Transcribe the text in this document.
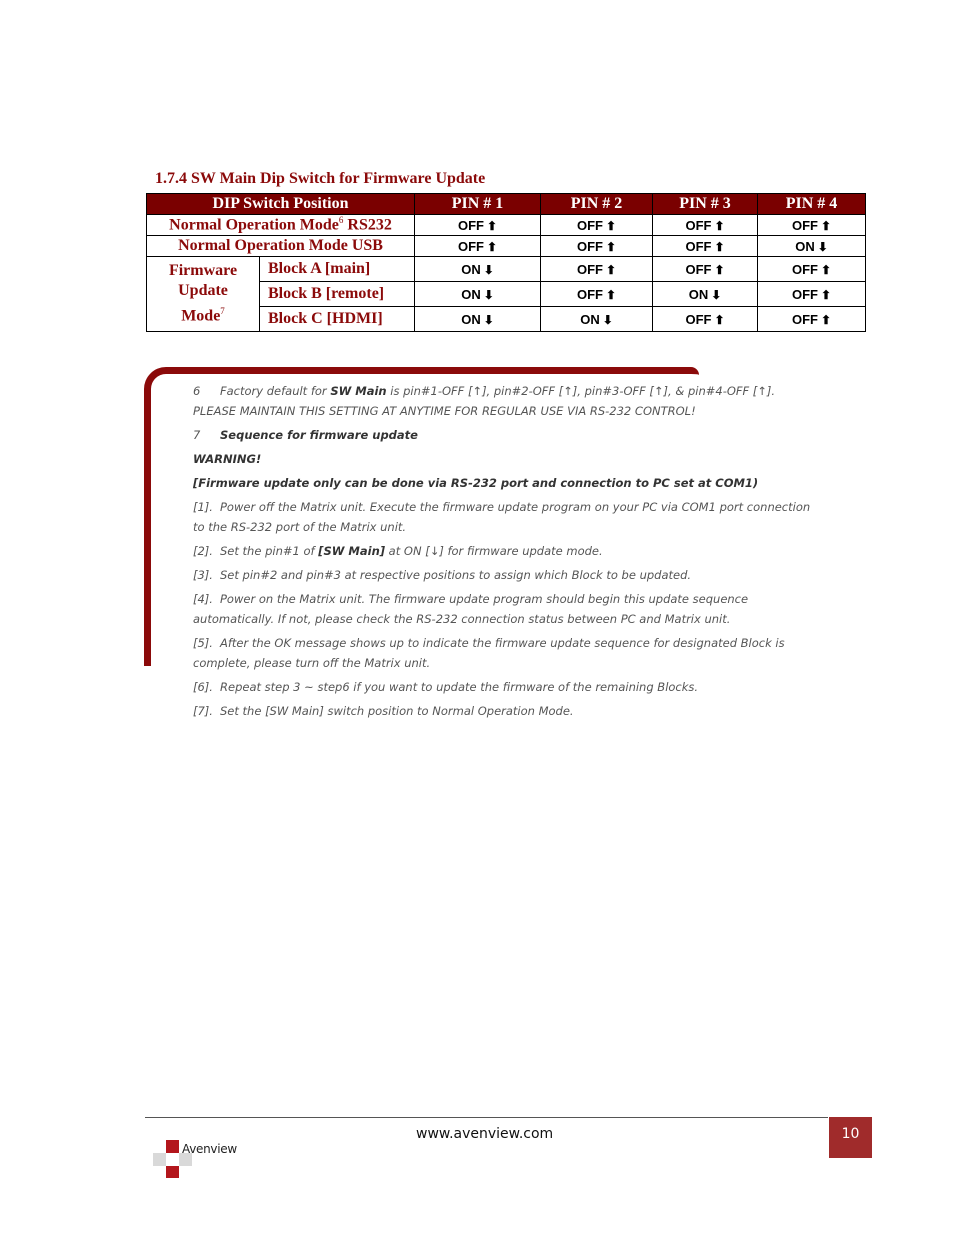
1.7.4 SW Main Dip Switch for Firmware Update
DIP Switch Position		PIN # 1	PIN # 2	PIN # 3	PIN # 4
Normal Operation Mode$^6$ RS232		OFF ⬆	OFF ⬆	OFF ⬆	OFF ⬆
Normal Operation Mode USB		OFF ⬆	OFF ⬆	OFF ⬆	ON ⬇
Firmware
Update
Mode$^7$	Block A [main]	ON ⬇	OFF ⬆	OFF ⬆	OFF ⬆
	Block B [remote]	ON ⬇	OFF ⬆	ON ⬇	OFF ⬆
	Block C [HDMI]	ON ⬇	ON ⬇	OFF ⬆	OFF ⬆

6 Factory default for SW Main is pin#1-OFF [↑], pin#2-OFF [↑], pin#3-OFF [↑], & pin#4-OFF [↑]. PLEASE MAINTAIN THIS SETTING AT ANYTIME FOR REGULAR USE VIA RS-232 CONTROL!

7 Sequence for firmware update

WARNING!

[Firmware update only can be done via RS-232 port and connection to PC set at COM1)

[1]. Power off the Matrix unit. Execute the firmware update program on your PC via COM1 port connection to the RS-232 port of the Matrix unit.

[2]. Set the pin#1 of [SW Main] at ON [↓] for firmware update mode.

[3]. Set pin#2 and pin#3 at respective positions to assign which Block to be updated.

[4]. Power on the Matrix unit. The firmware update program should begin this update sequence automatically. If not, please check the RS-232 connection status between PC and Matrix unit.

[5]. After the OK message shows up to indicate the firmware update sequence for designated Block is complete, please turn off the Matrix unit.

[6]. Repeat step 3 ~ step6 if you want to update the firmware of the remaining Blocks.

[7]. Set the [SW Main] switch position to Normal Operation Mode.

www.avenview.com	10
Avenview
